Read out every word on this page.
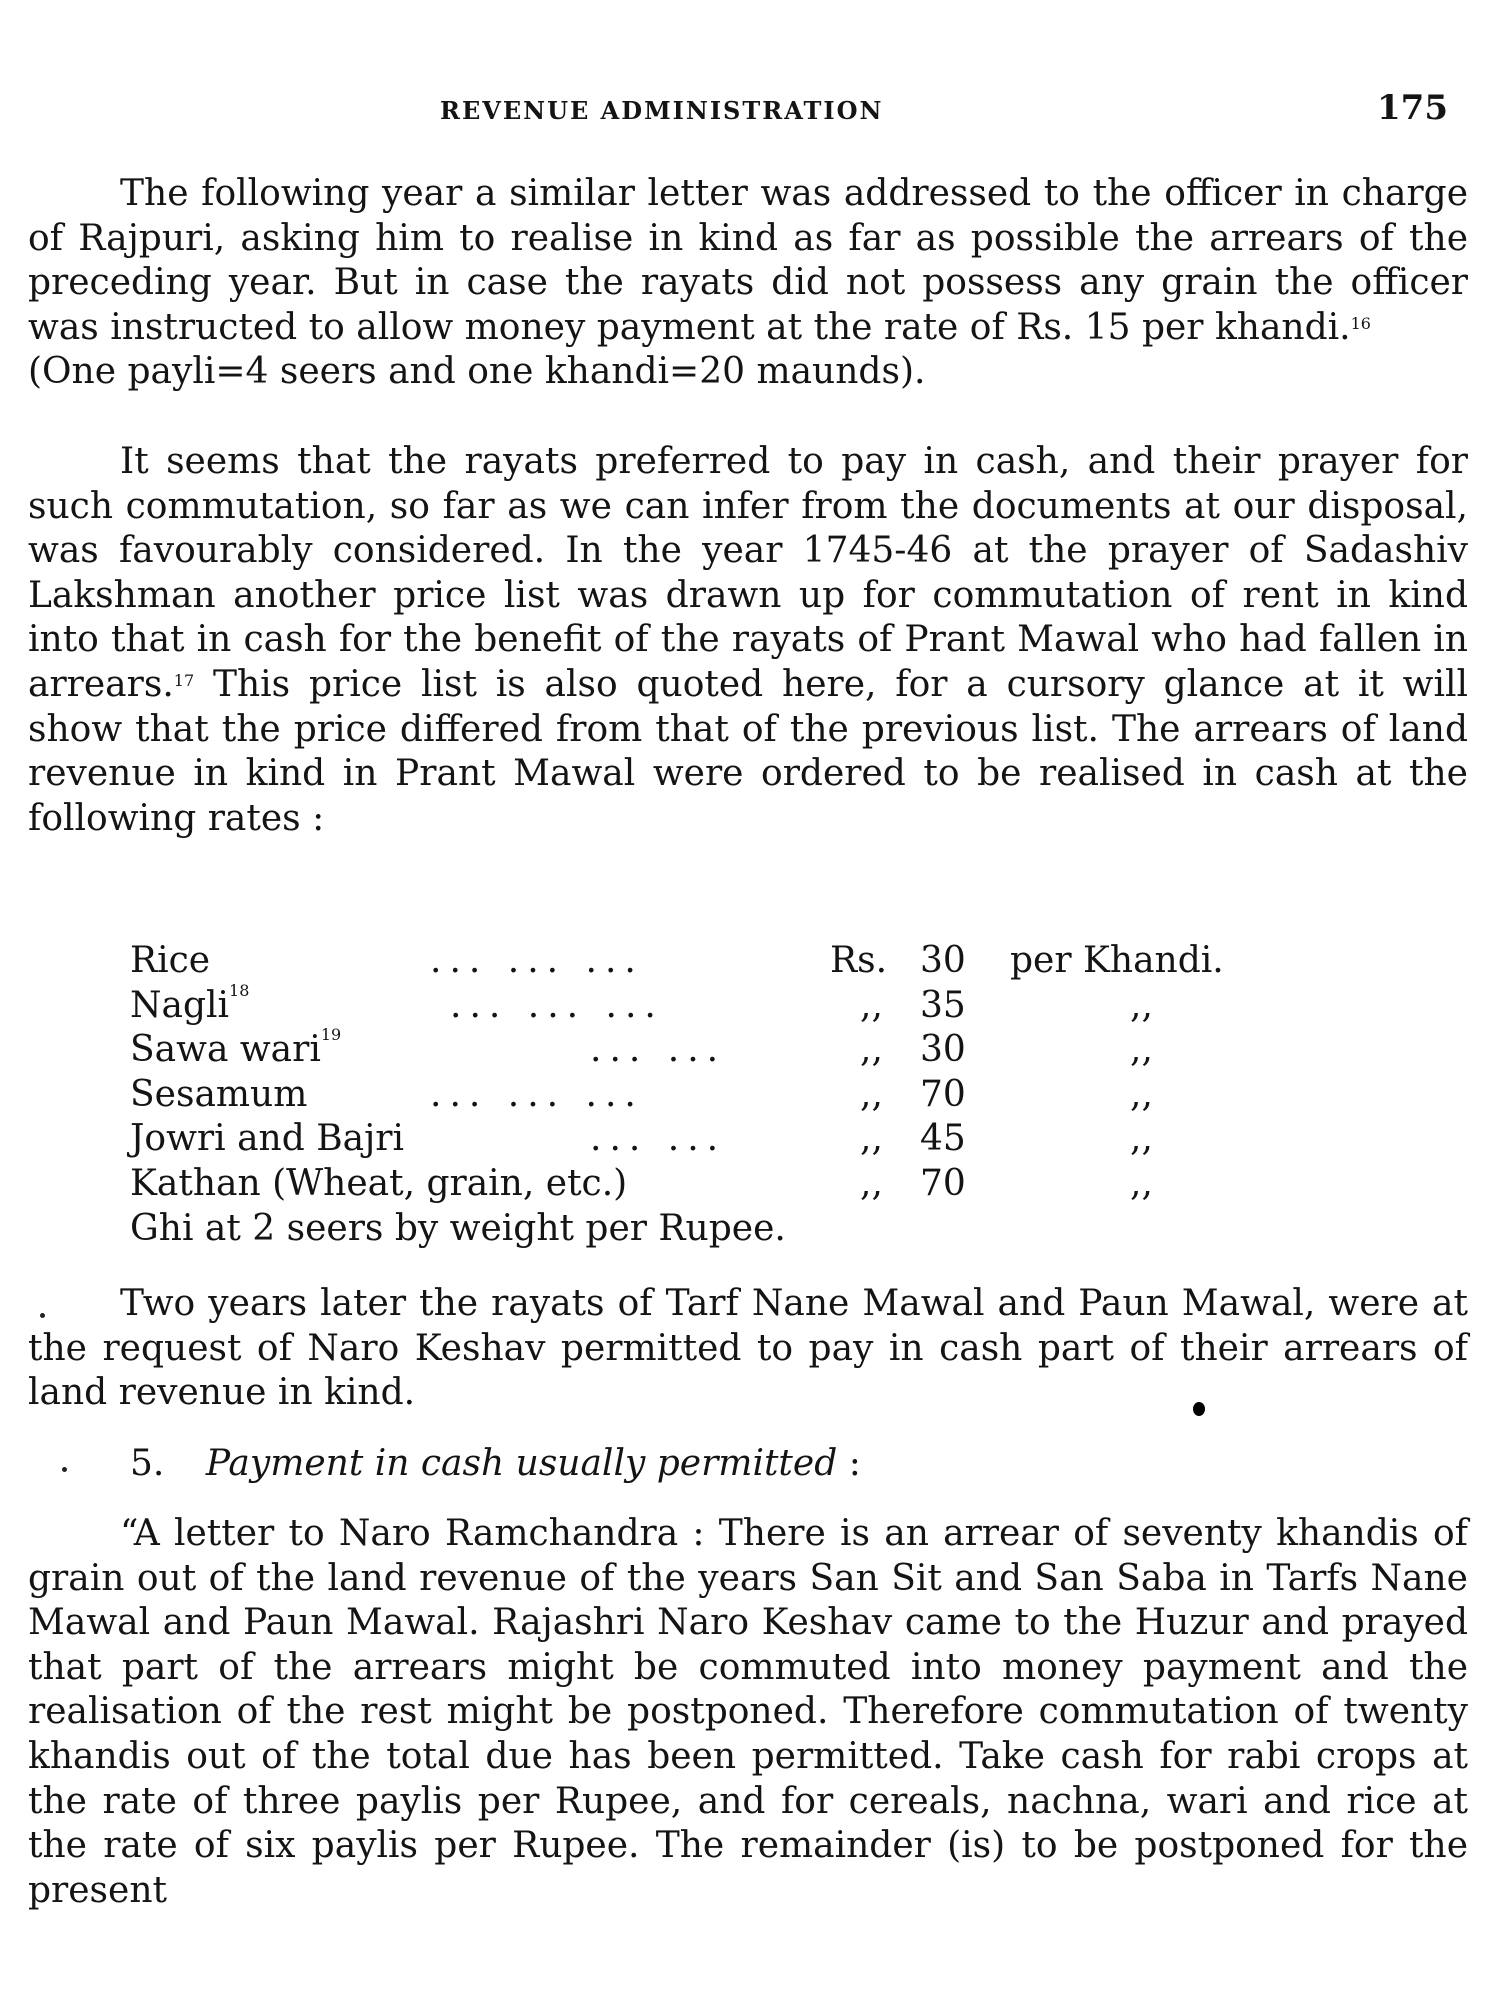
REVENUE ADMINISTRATION	175

The following year a similar letter was addressed to the officer in charge of Rajpuri, asking him to realise in kind as far as possible the arrears of the preceding year. But in case the rayats did not possess any grain the officer was instructed to allow money payment at the rate of Rs. 15 per khandi.$^{16}$
(One payli=4 seers and one khandi=20 maunds).

It seems that the rayats preferred to pay in cash, and their prayer for such commutation, so far as we can infer from the documents at our disposal, was favourably considered. In the year 1745-46 at the prayer of Sadashiv Lakshman another price list was drawn up for commutation of rent in kind into that in cash for the benefit of the rayats of Prant Mawal who had fallen in arrears.$^{17}$ This price list is also quoted here, for a cursory glance at it will show that the price differed from that of the previous list. The arrears of land revenue in kind in Prant Mawal were ordered to be realised in cash at the following rates :

Rice	... ... ...	Rs. 30 per Khandi.
Nagli$^{18}$	... ... ...	,, 35	,,
Sawa wari$^{19}$	... ...	,, 30	,,
Sesamum	... ... ...	,, 70	,,
Jowri and Bajri	... ...	,, 45	,,
Kathan (Wheat, grain, etc.)	,, 70	,,
Ghi at 2 seers by weight per Rupee.

Two years later the rayats of Tarf Nane Mawal and Paun Mawal, were at the request of Naro Keshav permitted to pay in cash part of their arrears of land revenue in kind.

5. Payment in cash usually permitted :

“A letter to Naro Ramchandra : There is an arrear of seventy khandis of grain out of the land revenue of the years San Sit and San Saba in Tarfs Nane Mawal and Paun Mawal. Rajashri Naro Keshav came to the Huzur and prayed that part of the arrears might be commuted into money payment and the realisation of the rest might be postponed. Therefore commutation of twenty khandis out of the total due has been permitted. Take cash for rabi crops at the rate of three paylis per Rupee, and for cereals, nachna, wari and rice at the rate of six paylis per Rupee. The remainder (is) to be postponed for the present
